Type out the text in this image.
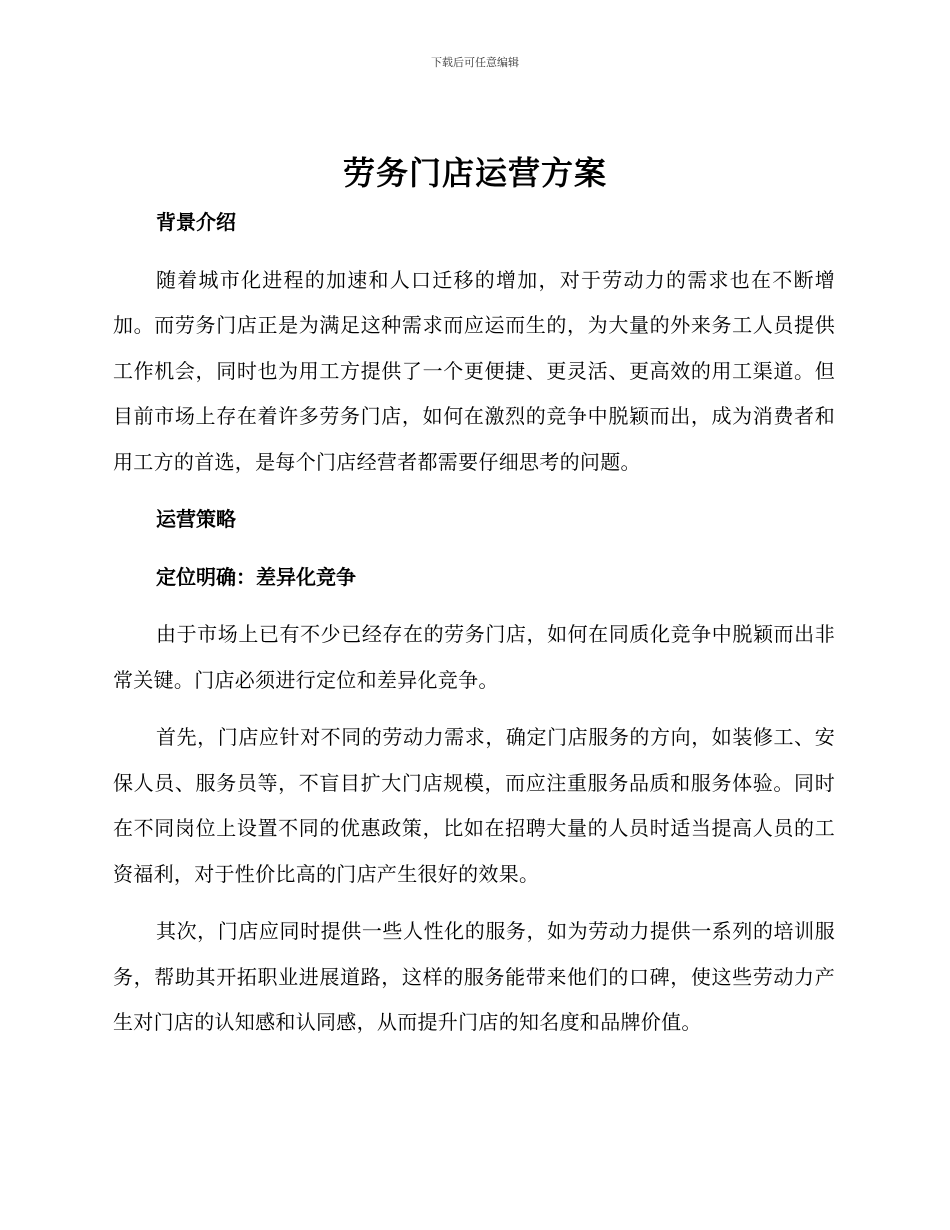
下载后可任意编辑
劳务门店运营方案

背景介绍

随着城市化进程的加速和人口迁移的增加，对于劳动力的需求也在不断增加。而劳务门店正是为满足这种需求而应运而生的，为大量的外来务工人员提供工作机会，同时也为用工方提供了一个更便捷、更灵活、更高效的用工渠道。但目前市场上存在着许多劳务门店，如何在激烈的竞争中脱颖而出，成为消费者和用工方的首选，是每个门店经营者都需要仔细思考的问题。

运营策略

定位明确：差异化竞争

由于市场上已有不少已经存在的劳务门店，如何在同质化竞争中脱颖而出非常关键。门店必须进行定位和差异化竞争。

首先，门店应针对不同的劳动力需求，确定门店服务的方向，如装修工、安保人员、服务员等，不盲目扩大门店规模，而应注重服务品质和服务体验。同时在不同岗位上设置不同的优惠政策，比如在招聘大量的人员时适当提高人员的工资福利，对于性价比高的门店产生很好的效果。

其次，门店应同时提供一些人性化的服务，如为劳动力提供一系列的培训服务，帮助其开拓职业进展道路，这样的服务能带来他们的口碑，使这些劳动力产生对门店的认知感和认同感，从而提升门店的知名度和品牌价值。
